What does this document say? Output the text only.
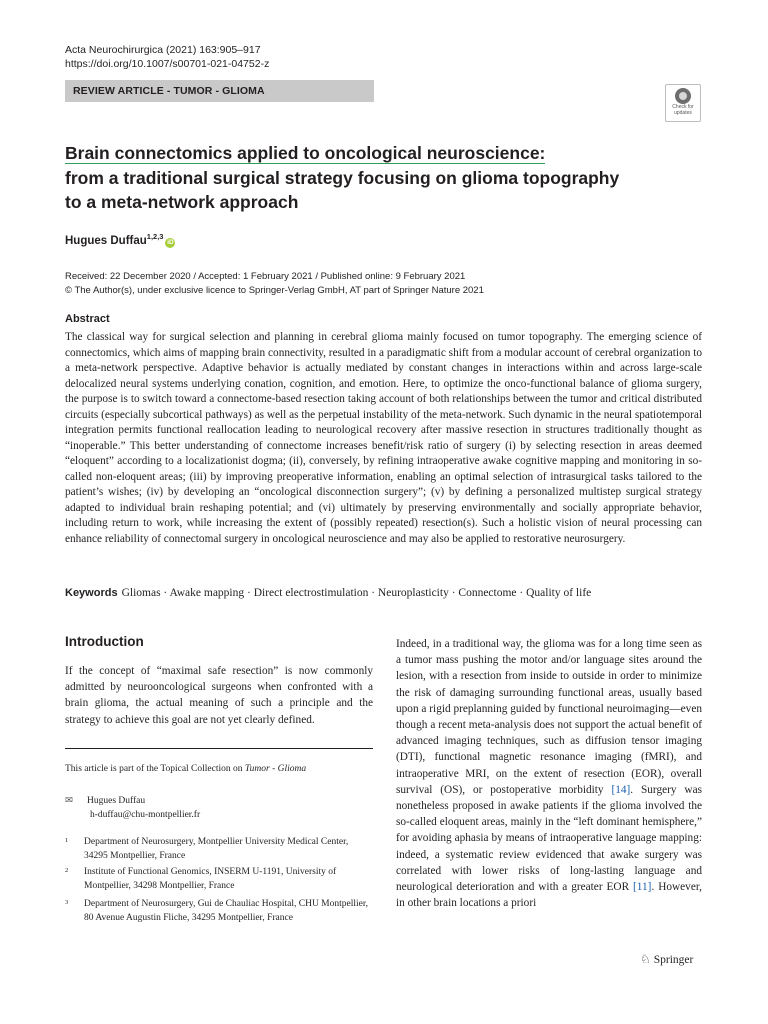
Acta Neurochirurgica (2021) 163:905–917
https://doi.org/10.1007/s00701-021-04752-z
REVIEW ARTICLE - TUMOR - GLIOMA
Check for updates
Brain connectomics applied to oncological neuroscience:
from a traditional surgical strategy focusing on glioma topography
to a meta-network approach
Hugues Duffau$^{1,2,3}$iD
Received: 22 December 2020 / Accepted: 1 February 2021 / Published online: 9 February 2021
© The Author(s), under exclusive licence to Springer-Verlag GmbH, AT part of Springer Nature 2021
Abstract
The classical way for surgical selection and planning in cerebral glioma mainly focused on tumor topography. The emerging science of connectomics, which aims of mapping brain connectivity, resulted in a paradigmatic shift from a modular account of cerebral organization to a meta-network perspective. Adaptive behavior is actually mediated by constant changes in interactions within and across large-scale delocalized neural systems underlying conation, cognition, and emotion. Here, to optimize the onco-functional balance of glioma surgery, the purpose is to switch toward a connectome-based resection taking account of both relationships between the tumor and critical distributed circuits (especially subcortical pathways) as well as the perpetual instability of the meta-network. Such dynamic in the neural spatiotemporal integration permits functional reallocation leading to neurological recovery after massive resection in structures traditionally thought as “inoperable.” This better understanding of connectome increases benefit/risk ratio of surgery (i) by selecting resection in areas deemed “eloquent” according to a localizationist dogma; (ii), conversely, by refining intraoperative awake cognitive mapping and monitoring in so-called non-eloquent areas; (iii) by improving preoperative information, enabling an optimal selection of intrasurgical tasks tailored to the patient’s wishes; (iv) by developing an “oncological disconnection surgery”; (v) by defining a personalized multistep surgical strategy adapted to individual brain reshaping potential; and (vi) ultimately by preserving environmentally and socially appropriate behavior, including return to work, while increasing the extent of (possibly repeated) resection(s). Such a holistic vision of neural processing can enhance reliability of connectomal surgery in oncological neuroscience and may also be applied to restorative neurosurgery.
Keywords Gliomas · Awake mapping · Direct electrostimulation · Neuroplasticity · Connectome · Quality of life
Introduction
If the concept of “maximal safe resection” is now commonly admitted by neurooncological surgeons when confronted with a brain glioma, the actual meaning of such a principle and the strategy to achieve this goal are not yet clearly defined.
This article is part of the Topical Collection on Tumor - Glioma
✉ Hugues Duffau
h-duffau@chu-montpellier.fr
1 Department of Neurosurgery, Montpellier University Medical Center, 34295 Montpellier, France
2 Institute of Functional Genomics, INSERM U-1191, University of Montpellier, 34298 Montpellier, France
3 Department of Neurosurgery, Gui de Chauliac Hospital, CHU Montpellier, 80 Avenue Augustin Fliche, 34295 Montpellier, France
Indeed, in a traditional way, the glioma was for a long time seen as a tumor mass pushing the motor and/or language sites around the lesion, with a resection from inside to outside in order to minimize the risk of damaging surrounding functional areas, usually based upon a rigid preplanning guided by functional neuroimaging—even though a recent meta-analysis does not support the actual benefit of advanced imaging techniques, such as diffusion tensor imaging (DTI), functional magnetic resonance imaging (fMRI), and intraoperative MRI, on the extent of resection (EOR), overall survival (OS), or postoperative morbidity [14]. Surgery was nonetheless proposed in awake patients if the glioma involved the so-called eloquent areas, mainly in the “left dominant hemisphere,” for avoiding aphasia by means of intraoperative language mapping: indeed, a systematic review evidenced that awake surgery was correlated with lower risks of long-lasting language and neurological deterioration and with a greater EOR [11]. However, in other brain locations a priori
♘ Springer
